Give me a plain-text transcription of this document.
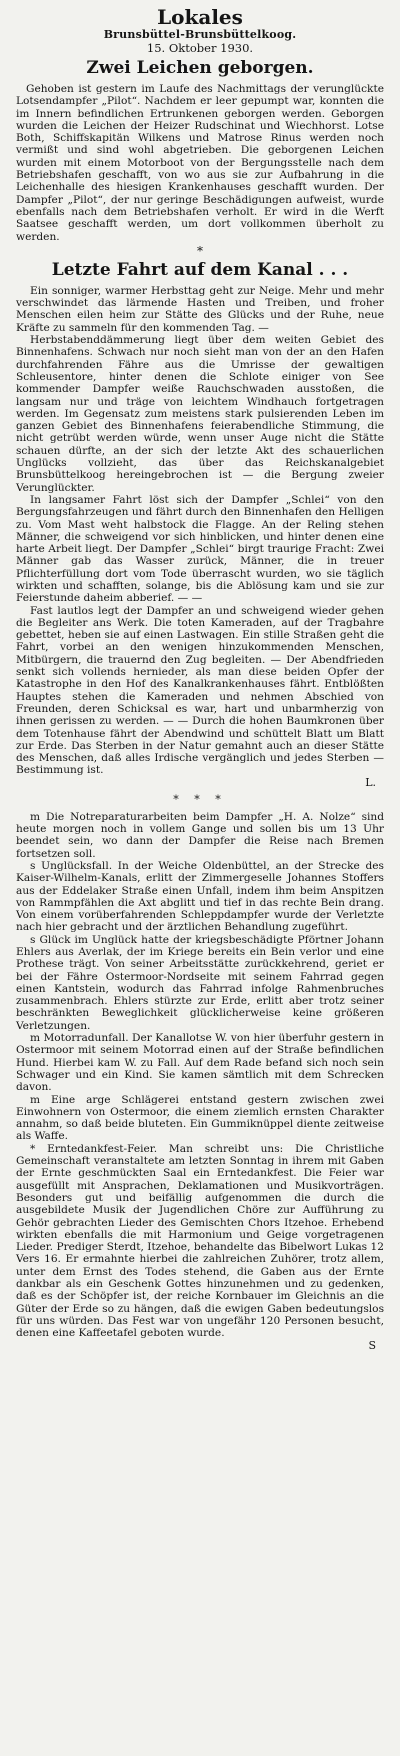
Lokales
Brunsbüttel-Brunsbüttelkoog.
15. Oktober 1930.
Zwei Leichen geborgen.

Gehoben ist gestern im Laufe des Nachmittags der verunglückte Lotsendampfer „Pilot“. Nachdem er leer gepumpt war, konnten die im Innern befindlichen Ertrunkenen geborgen werden. Geborgen wurden die Leichen der Heizer Rudschinat und Wiechhorst. Lotse Both, Schiffskapitän Wilkens und Matrose Rinus werden noch vermißt und sind wohl abgetrieben. Die geborgenen Leichen wurden mit einem Motorboot von der Bergungsstelle nach dem Betriebshafen geschafft, von wo aus sie zur Aufbahrung in die Leichenhalle des hiesigen Krankenhauses geschafft wurden. Der Dampfer „Pilot“, der nur geringe Beschädigungen aufweist, wurde ebenfalls nach dem Betriebshafen verholt. Er wird in die Werft Saatsee geschafft werden, um dort vollkommen überholt zu werden.

*
Letzte Fahrt auf dem Kanal . . .

Ein sonniger, warmer Herbsttag geht zur Neige. Mehr und mehr verschwindet das lärmende Hasten und Treiben, und froher Menschen eilen heim zur Stätte des Glücks und der Ruhe, neue Kräfte zu sammeln für den kommenden Tag. —

Herbstabenddämmerung liegt über dem weiten Gebiet des Binnenhafens. Schwach nur noch sieht man von der an den Hafen durchfahrenden Fähre aus die Umrisse der gewaltigen Schleusentore, hinter denen die Schlote einiger von See kommender Dampfer weiße Rauchschwaden ausstoßen, die langsam nur und träge von leichtem Windhauch fortgetragen werden. Im Gegensatz zum meistens stark pulsierenden Leben im ganzen Gebiet des Binnenhafens feierabendliche Stimmung, die nicht getrübt werden würde, wenn unser Auge nicht die Stätte schauen dürfte, an der sich der letzte Akt des schauerlichen Unglücks vollzieht, das über das Reichskanalgebiet Brunsbüttelkoog hereingebrochen ist — die Bergung zweier Verunglückter.

In langsamer Fahrt löst sich der Dampfer „Schlei“ von den Bergungsfahrzeugen und fährt durch den Binnenhafen den Helligen zu. Vom Mast weht halbstock die Flagge. An der Reling stehen Männer, die schweigend vor sich hinblicken, und hinter denen eine harte Arbeit liegt. Der Dampfer „Schlei“ birgt traurige Fracht: Zwei Männer gab das Wasser zurück, Männer, die in treuer Pflichterfüllung dort vom Tode überrascht wurden, wo sie täglich wirkten und schafften, solange, bis die Ablösung kam und sie zur Feierstunde daheim abberief. — —

Fast lautlos legt der Dampfer an und schweigend wieder gehen die Begleiter ans Werk. Die toten Kameraden, auf der Tragbahre gebettet, heben sie auf einen Lastwagen. Ein stille Straßen geht die Fahrt, vorbei an den wenigen hinzukommenden Menschen, Mitbürgern, die trauernd den Zug begleiten. — Der Abendfrieden senkt sich vollends hernieder, als man diese beiden Opfer der Katastrophe in den Hof des Kanalkrankenhauses fährt. Entblößten Hauptes stehen die Kameraden und nehmen Abschied von Freunden, deren Schicksal es war, hart und unbarmherzig von ihnen gerissen zu werden. — — Durch die hohen Baumkronen über dem Totenhause fährt der Abendwind und schüttelt Blatt um Blatt zur Erde. Das Sterben in der Natur gemahnt auch an dieser Stätte des Menschen, daß alles Irdische vergänglich und jedes Sterben — Bestimmung ist.

L.

* * *

m Die Notreparaturarbeiten beim Dampfer „H. A. Nolze“ sind heute morgen noch in vollem Gange und sollen bis um 13 Uhr beendet sein, wo dann der Dampfer die Reise nach Bremen fortsetzen soll.

s Unglücksfall. In der Weiche Oldenbüttel, an der Strecke des Kaiser-Wilhelm-Kanals, erlitt der Zimmergeselle Johannes Stoffers aus der Eddelaker Straße einen Unfall, indem ihm beim Anspitzen von Rammpfählen die Axt abglitt und tief in das rechte Bein drang. Von einem vorüberfahrenden Schleppdampfer wurde der Verletzte nach hier gebracht und der ärztlichen Behandlung zugeführt.

s Glück im Unglück hatte der kriegsbeschädigte Pförtner Johann Ehlers aus Averlak, der im Kriege bereits ein Bein verlor und eine Prothese trägt. Von seiner Arbeitsstätte zurückkehrend, geriet er bei der Fähre Ostermoor-Nordseite mit seinem Fahrrad gegen einen Kantstein, wodurch das Fahrrad infolge Rahmenbruches zusammenbrach. Ehlers stürzte zur Erde, erlitt aber trotz seiner beschränkten Beweglichkeit glücklicherweise keine größeren Verletzungen.

m Motorradunfall. Der Kanallotse W. von hier überfuhr gestern in Ostermoor mit seinem Motorrad einen auf der Straße befindlichen Hund. Hierbei kam W. zu Fall. Auf dem Rade befand sich noch sein Schwager und ein Kind. Sie kamen sämtlich mit dem Schrecken davon.

m Eine arge Schlägerei entstand gestern zwischen zwei Einwohnern von Ostermoor, die einem ziemlich ernsten Charakter annahm, so daß beide bluteten. Ein Gummiknüppel diente zeitweise als Waffe.

* Erntedankfest-Feier. Man schreibt uns: Die Christliche Gemeinschaft veranstaltete am letzten Sonntag in ihrem mit Gaben der Ernte geschmückten Saal ein Erntedankfest. Die Feier war ausgefüllt mit Ansprachen, Deklamationen und Musikvorträgen. Besonders gut und beifällig aufgenommen die durch die ausgebildete Musik der Jugendlichen Chöre zur Aufführung zu Gehör gebrachten Lieder des Gemischten Chors Itzehoe. Erhebend wirkten ebenfalls die mit Harmonium und Geige vorgetragenen Lieder. Prediger Sterdt, Itzehoe, behandelte das Bibelwort Lukas 12 Vers 16. Er ermahnte hierbei die zahlreichen Zuhörer, trotz allem, unter dem Ernst des Todes stehend, die Gaben aus der Ernte dankbar als ein Geschenk Gottes hinzunehmen und zu gedenken, daß es der Schöpfer ist, der reiche Kornbauer im Gleichnis an die Güter der Erde so zu hängen, daß die ewigen Gaben bedeutungslos für uns würden. Das Fest war von ungefähr 120 Personen besucht, denen eine Kaffeetafel geboten wurde.

S
